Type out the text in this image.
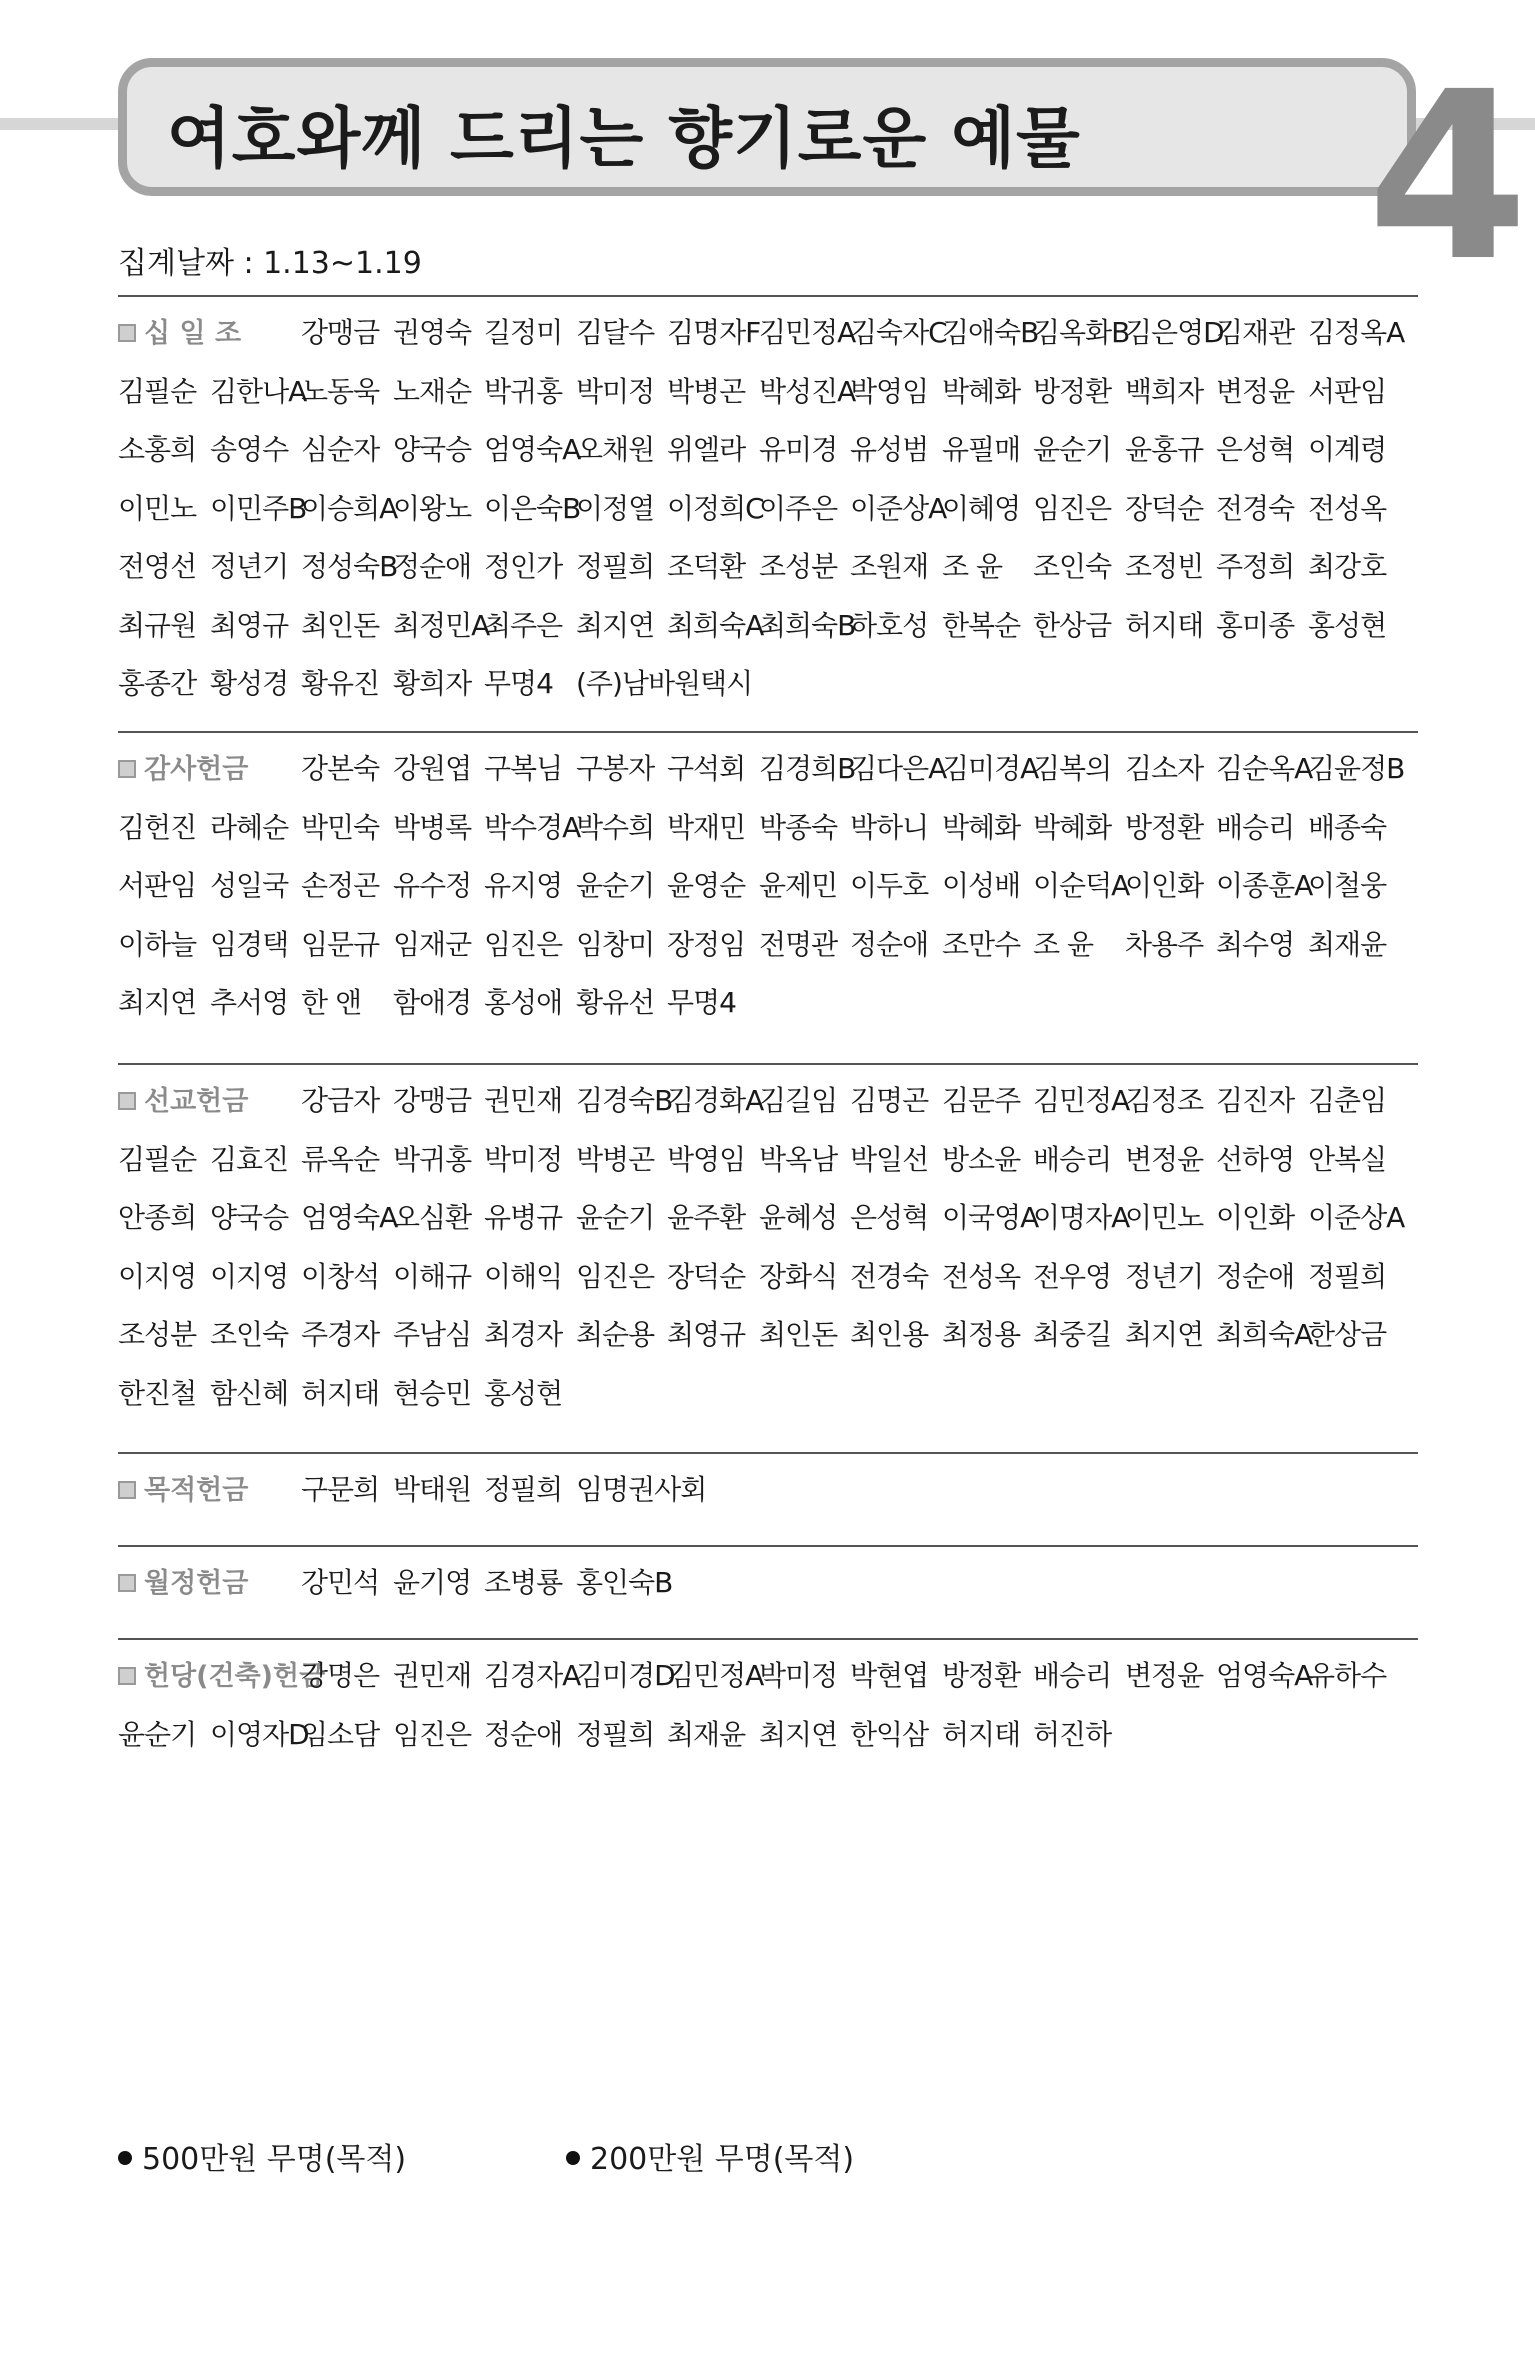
여호와께 드리는 향기로운 예물 4
집계날짜 : 1.13~1.19
십 일 조 강맹금 권영숙 길정미 김달수 김명자F
김민정A
김숙자C
김애숙B
김옥화B
김은영D
김재관 김정옥A
김필순 김한나A
노동욱 노재순 박귀홍 박미정 박병곤 박성진A
박영임 박혜화 방정환 백희자 변정윤 서판임
소홍희 송영수 심순자 양국승 엄영숙A
오채원 위엘라 유미경 유성범 유필매 윤순기 윤홍규 은성혁 이계령
이민노 이민주B
이승희A
이왕노 이은숙B
이정열 이정희C
이주은 이준상A
이혜영 임진은 장덕순 전경숙 전성옥
전영선 정년기 정성숙B
정순애 정인가 정필희 조덕환 조성분 조원재 조 윤 조인숙 조정빈 주정희 최강호
최규원 최영규 최인돈 최정민A
최주은 최지연 최희숙A
최희숙B
하호성 한복순 한상금 허지태 홍미종 홍성현
홍종간 황성경 황유진 황희자 무명4 (주)남바원택시
감사헌금 강본숙 강원엽 구복님 구봉자 구석회 김경희B
김다은A
김미경A
김복의 김소자 김순옥A
김윤정B
김헌진 라혜순 박민숙 박병록 박수경A
박수희 박재민 박종숙 박하니 박혜화 박혜화 방정환 배승리 배종숙
서판임 성일국 손정곤 유수정 유지영 윤순기 윤영순 윤제민 이두호 이성배 이순덕A
이인화 이종훈A
이철웅
이하늘 임경택 임문규 임재군 임진은 임창미 장정임 전명관 정순애 조만수 조 윤 차용주 최수영 최재윤
최지연 추서영 한 앤 함애경 홍성애 황유선 무명4
선교헌금 강금자 강맹금 권민재 김경숙B
김경화A
김길임 김명곤 김문주 김민정A
김정조 김진자 김춘임
김필순 김효진 류옥순 박귀홍 박미정 박병곤 박영임 박옥남 박일선 방소윤 배승리 변정윤 선하영 안복실
안종희 양국승 엄영숙A
오심환 유병규 윤순기 윤주환 윤혜성 은성혁 이국영A
이명자A
이민노 이인화 이준상A
이지영 이지영 이창석 이해규 이해익 임진은 장덕순 장화식 전경숙 전성옥 전우영 정년기 정순애 정필희
조성분 조인숙 주경자 주남심 최경자 최순용 최영규 최인돈 최인용 최정용 최중길 최지연 최희숙A
한상금
한진철 함신혜 허지태 현승민 홍성현
목적헌금 구문희 박태원 정필희 임명권사회
월정헌금 강민석 윤기영 조병룡 홍인숙B
헌당(건축)헌금
강명은 권민재 김경자A
김미경D
김민정A
박미정 박현엽 방정환 배승리 변정윤 엄영숙A
유하수
윤순기 이영자D
임소담 임진은 정순애 정필희 최재윤 최지연 한익삼 허지태 허진하
500만원 무명(목적)	200만원 무명(목적)
